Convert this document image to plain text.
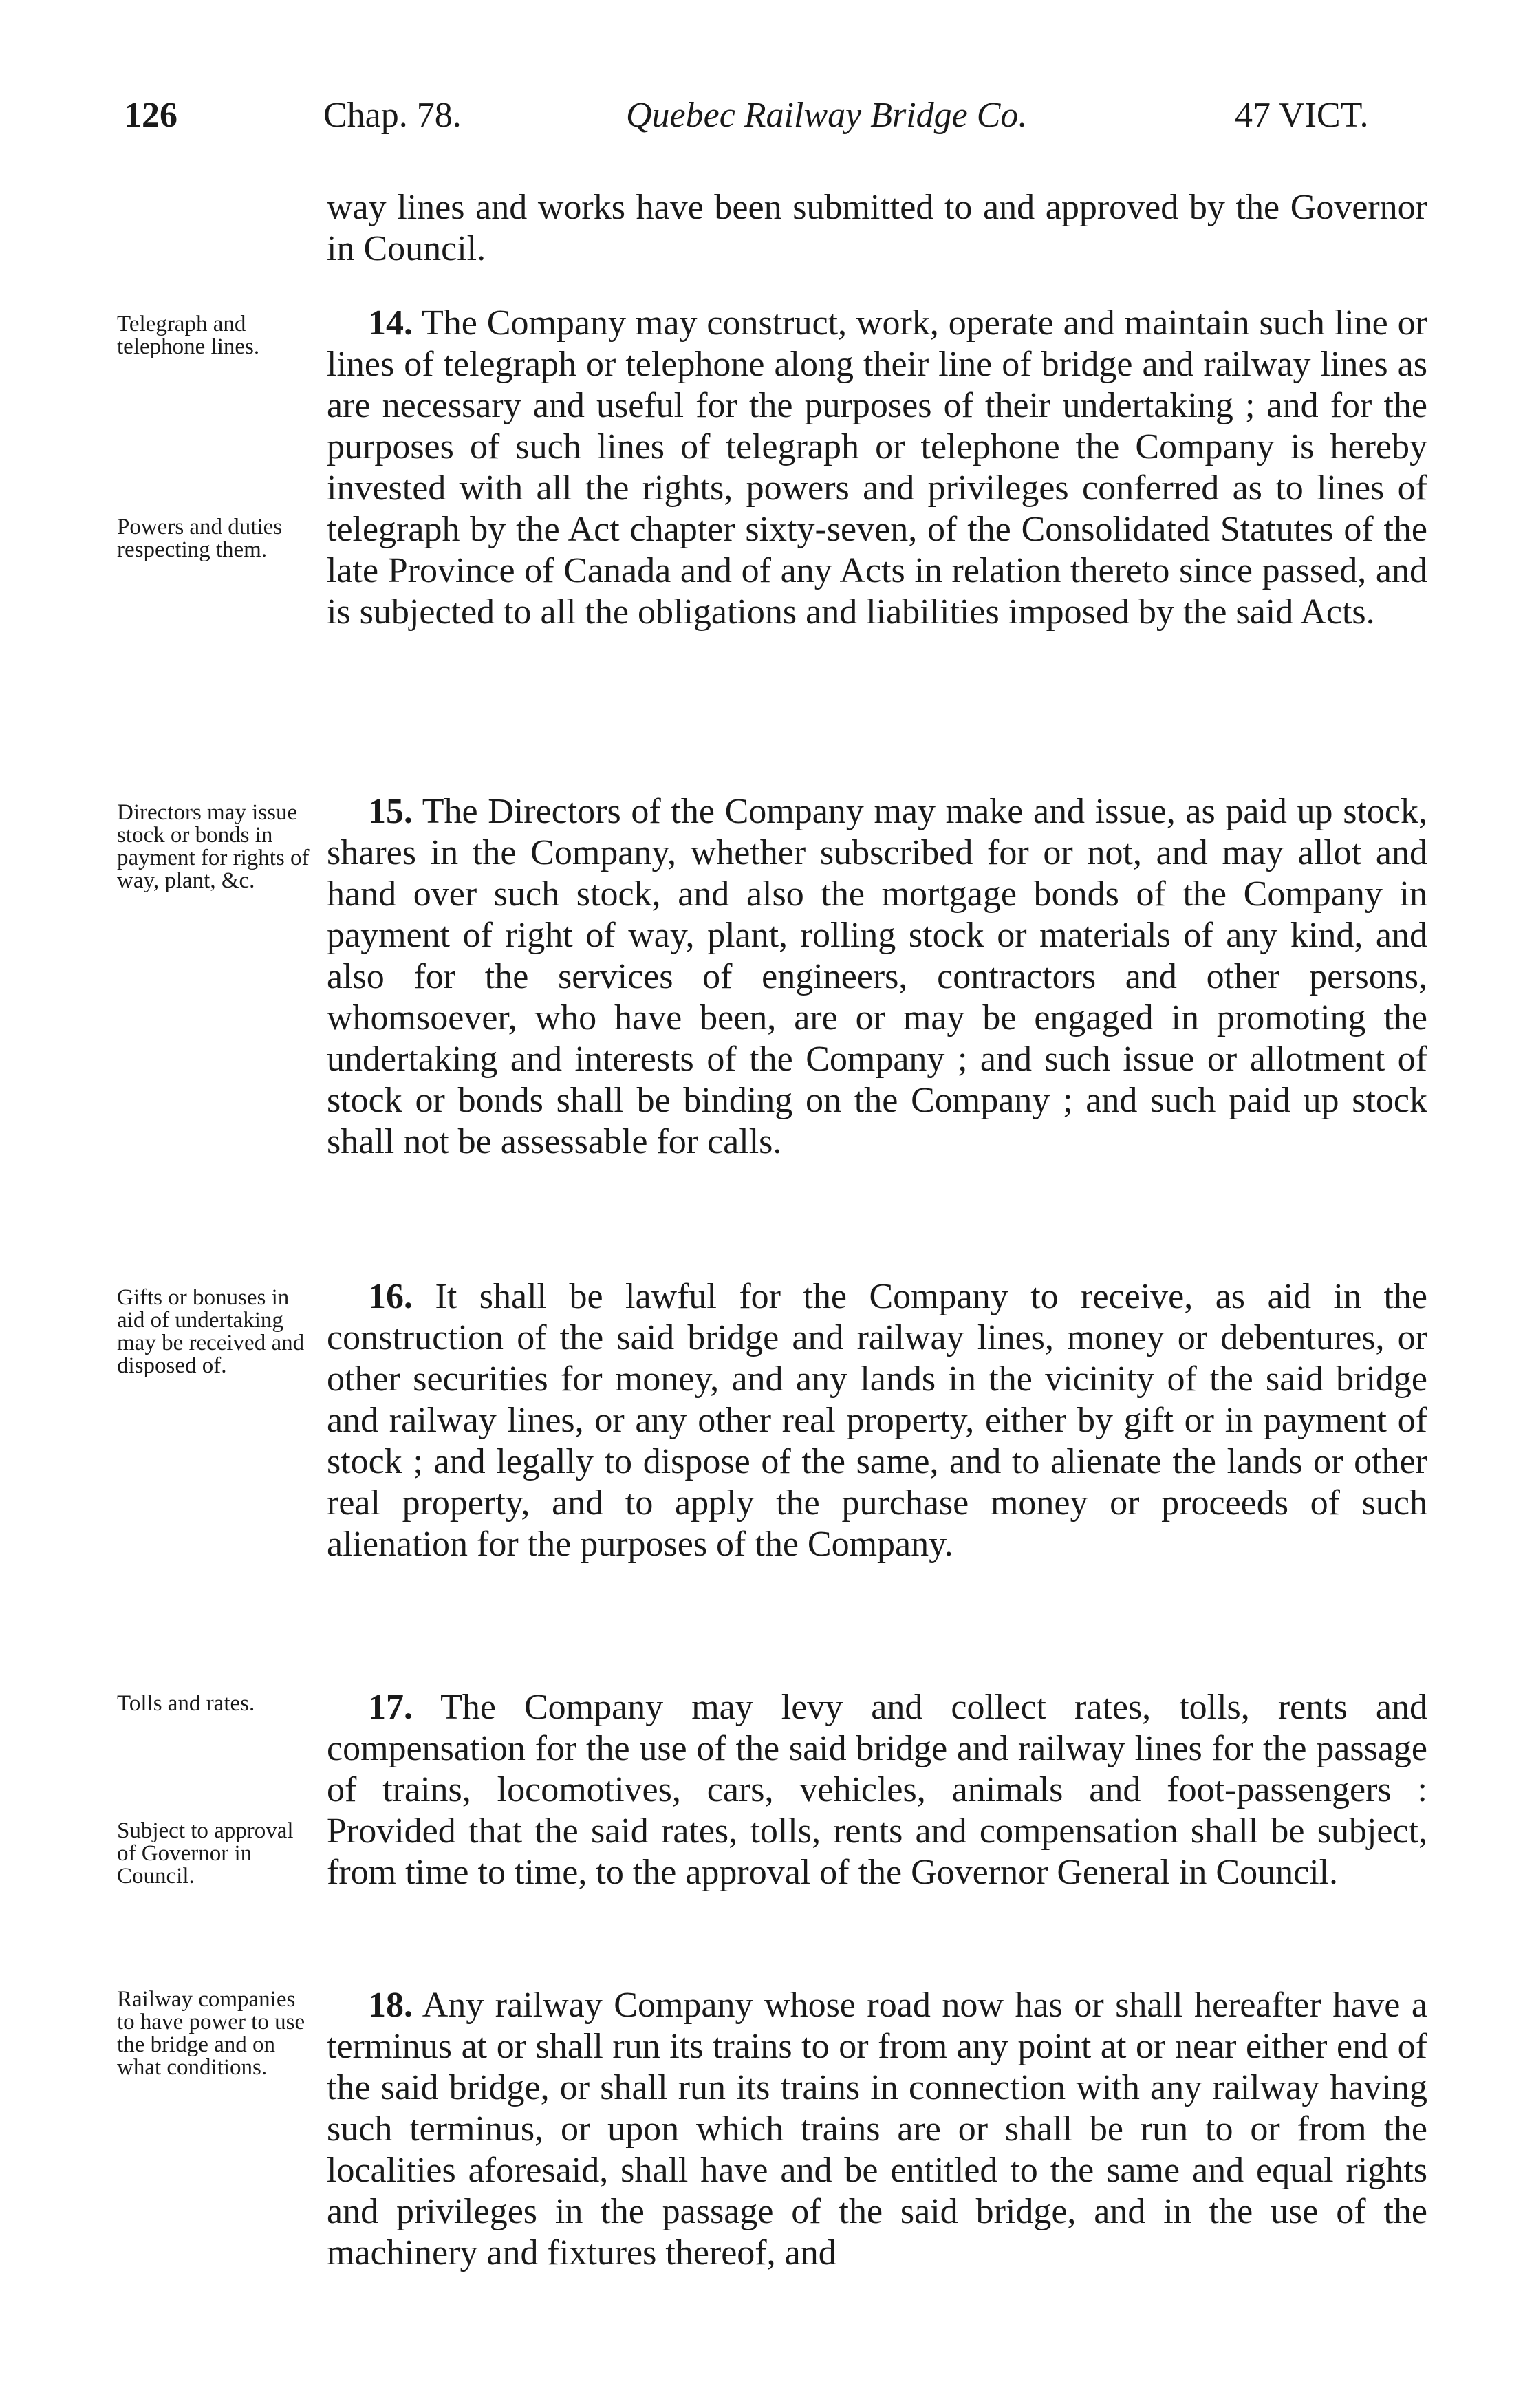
126	Chap. 78.	Quebec Railway Bridge Co.	47 VICT.
way lines and works have been submitted to and approved by the Governor in Council.

14. The Company may construct, work, operate and maintain such line or lines of telegraph or telephone along their line of bridge and railway lines as are necessary and useful for the purposes of their undertaking ; and for the purposes of such lines of telegraph or telephone the Company is hereby invested with all the rights, powers and privileges conferred as to lines of telegraph by the Act chapter sixty-seven, of the Consolidated Statutes of the late Province of Canada and of any Acts in relation thereto since passed, and is subjected to all the obligations and liabilities imposed by the said Acts.

15. The Directors of the Company may make and issue, as paid up stock, shares in the Company, whether subscribed for or not, and may allot and hand over such stock, and also the mortgage bonds of the Company in payment of right of way, plant, rolling stock or materials of any kind, and also for the services of engineers, contractors and other persons, whomsoever, who have been, are or may be engaged in promoting the undertaking and interests of the Company ; and such issue or allotment of stock or bonds shall be binding on the Company ; and such paid up stock shall not be assessable for calls.

16. It shall be lawful for the Company to receive, as aid in the construction of the said bridge and railway lines, money or debentures, or other securities for money, and any lands in the vicinity of the said bridge and railway lines, or any other real property, either by gift or in payment of stock ; and legally to dispose of the same, and to alienate the lands or other real property, and to apply the purchase money or proceeds of such alienation for the purposes of the Company.

17. The Company may levy and collect rates, tolls, rents and compensation for the use of the said bridge and railway lines for the passage of trains, locomotives, cars, vehicles, animals and foot-passengers : Provided that the said rates, tolls, rents and compensation shall be subject, from time to time, to the approval of the Governor General in Council.

18. Any railway Company whose road now has or shall hereafter have a terminus at or shall run its trains to or from any point at or near either end of the said bridge, or shall run its trains in connection with any railway having such terminus, or upon which trains are or shall be run to or from the localities aforesaid, shall have and be entitled to the same and equal rights and privileges in the passage of the said bridge, and in the use of the machinery and fixtures thereof, and

Telegraph and telephone lines.
Powers and duties respecting them.
Directors may issue stock or bonds in payment for rights of way, plant, &c.
Gifts or bonuses in aid of undertaking may be received and disposed of.
Tolls and rates.
Subject to approval of Governor in Council.
Railway companies to have power to use the bridge and on what conditions.
